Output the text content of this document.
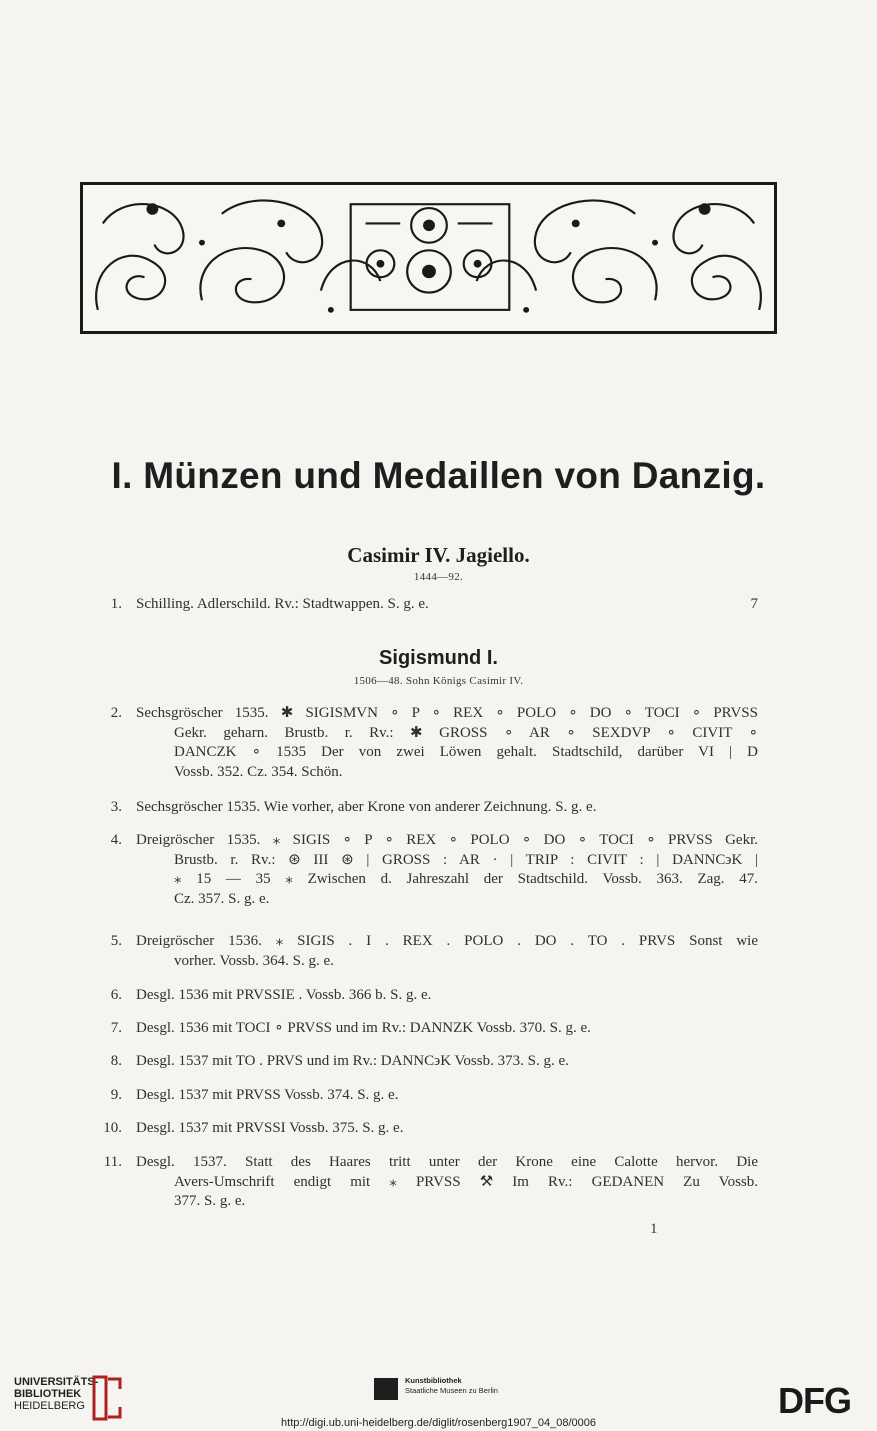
I. Münzen und Medaillen von Danzig.
Casimir IV. Jagiello.
1444—92.
1. Schilling. Adlerschild. Rv.: Stadtwappen. S. g. e.	7
Sigismund I.
1506—48. Sohn Königs Casimir IV.
2. Sechsgröscher 1535. ✱ SIGISMVN ∘ P ∘ REX ∘ POLO ∘ DO ∘ TOCI ∘ PRVSS
Gekr. geharn. Brustb. r. Rv.: ✱ GROSS ∘ AR ∘ SEXDVP ∘ CIVIT ∘
DANCZK ∘ 1535 Der von zwei Löwen gehalt. Stadtschild, darüber VI | D
Vossb. 352. Cz. 354. Schön.
3. Sechsgröscher 1535. Wie vorher, aber Krone von anderer Zeichnung. S. g. e.
4. Dreigröscher 1535. ⁎ SIGIS ∘ P ∘ REX ∘ POLO ∘ DO ∘ TOCI ∘ PRVSS Gekr.
Brustb. r. Rv.: ⊛ III ⊛ | GROSS : AR · | TRIP : CIVIT : | DANNC϶K |
⁎ 15 — 35 ⁎ Zwischen d. Jahreszahl der Stadtschild. Vossb. 363. Zag. 47.
Cz. 357. S. g. e.
5. Dreigröscher 1536. ⁎ SIGIS . I . REX . POLO . DO . TO . PRVS Sonst wie
vorher. Vossb. 364. S. g. e.
6. Desgl. 1536 mit PRVSSIE . Vossb. 366 b. S. g. e.
7. Desgl. 1536 mit TOCI ∘ PRVSS und im Rv.: DANNZK Vossb. 370. S. g. e.
8. Desgl. 1537 mit TO . PRVS und im Rv.: DANNC϶K Vossb. 373. S. g. e.
9. Desgl. 1537 mit PRVSS Vossb. 374. S. g. e.
10. Desgl. 1537 mit PRVSSI Vossb. 375. S. g. e.
11. Desgl. 1537. Statt des Haares tritt unter der Krone eine Calotte hervor. Die
Avers-Umschrift endigt mit ⁎ PRVSS ⚒ Im Rv.: GEDANEN Zu Vossb.
377. S. g. e.
1
UNIVERSITÄTS-
BIBLIOTHEK
HEIDELBERG
Kunstbibliothek
Staatliche Museen zu Berlin	DFG
http://digi.ub.uni-heidelberg.de/diglit/rosenberg1907_04_08/0006
